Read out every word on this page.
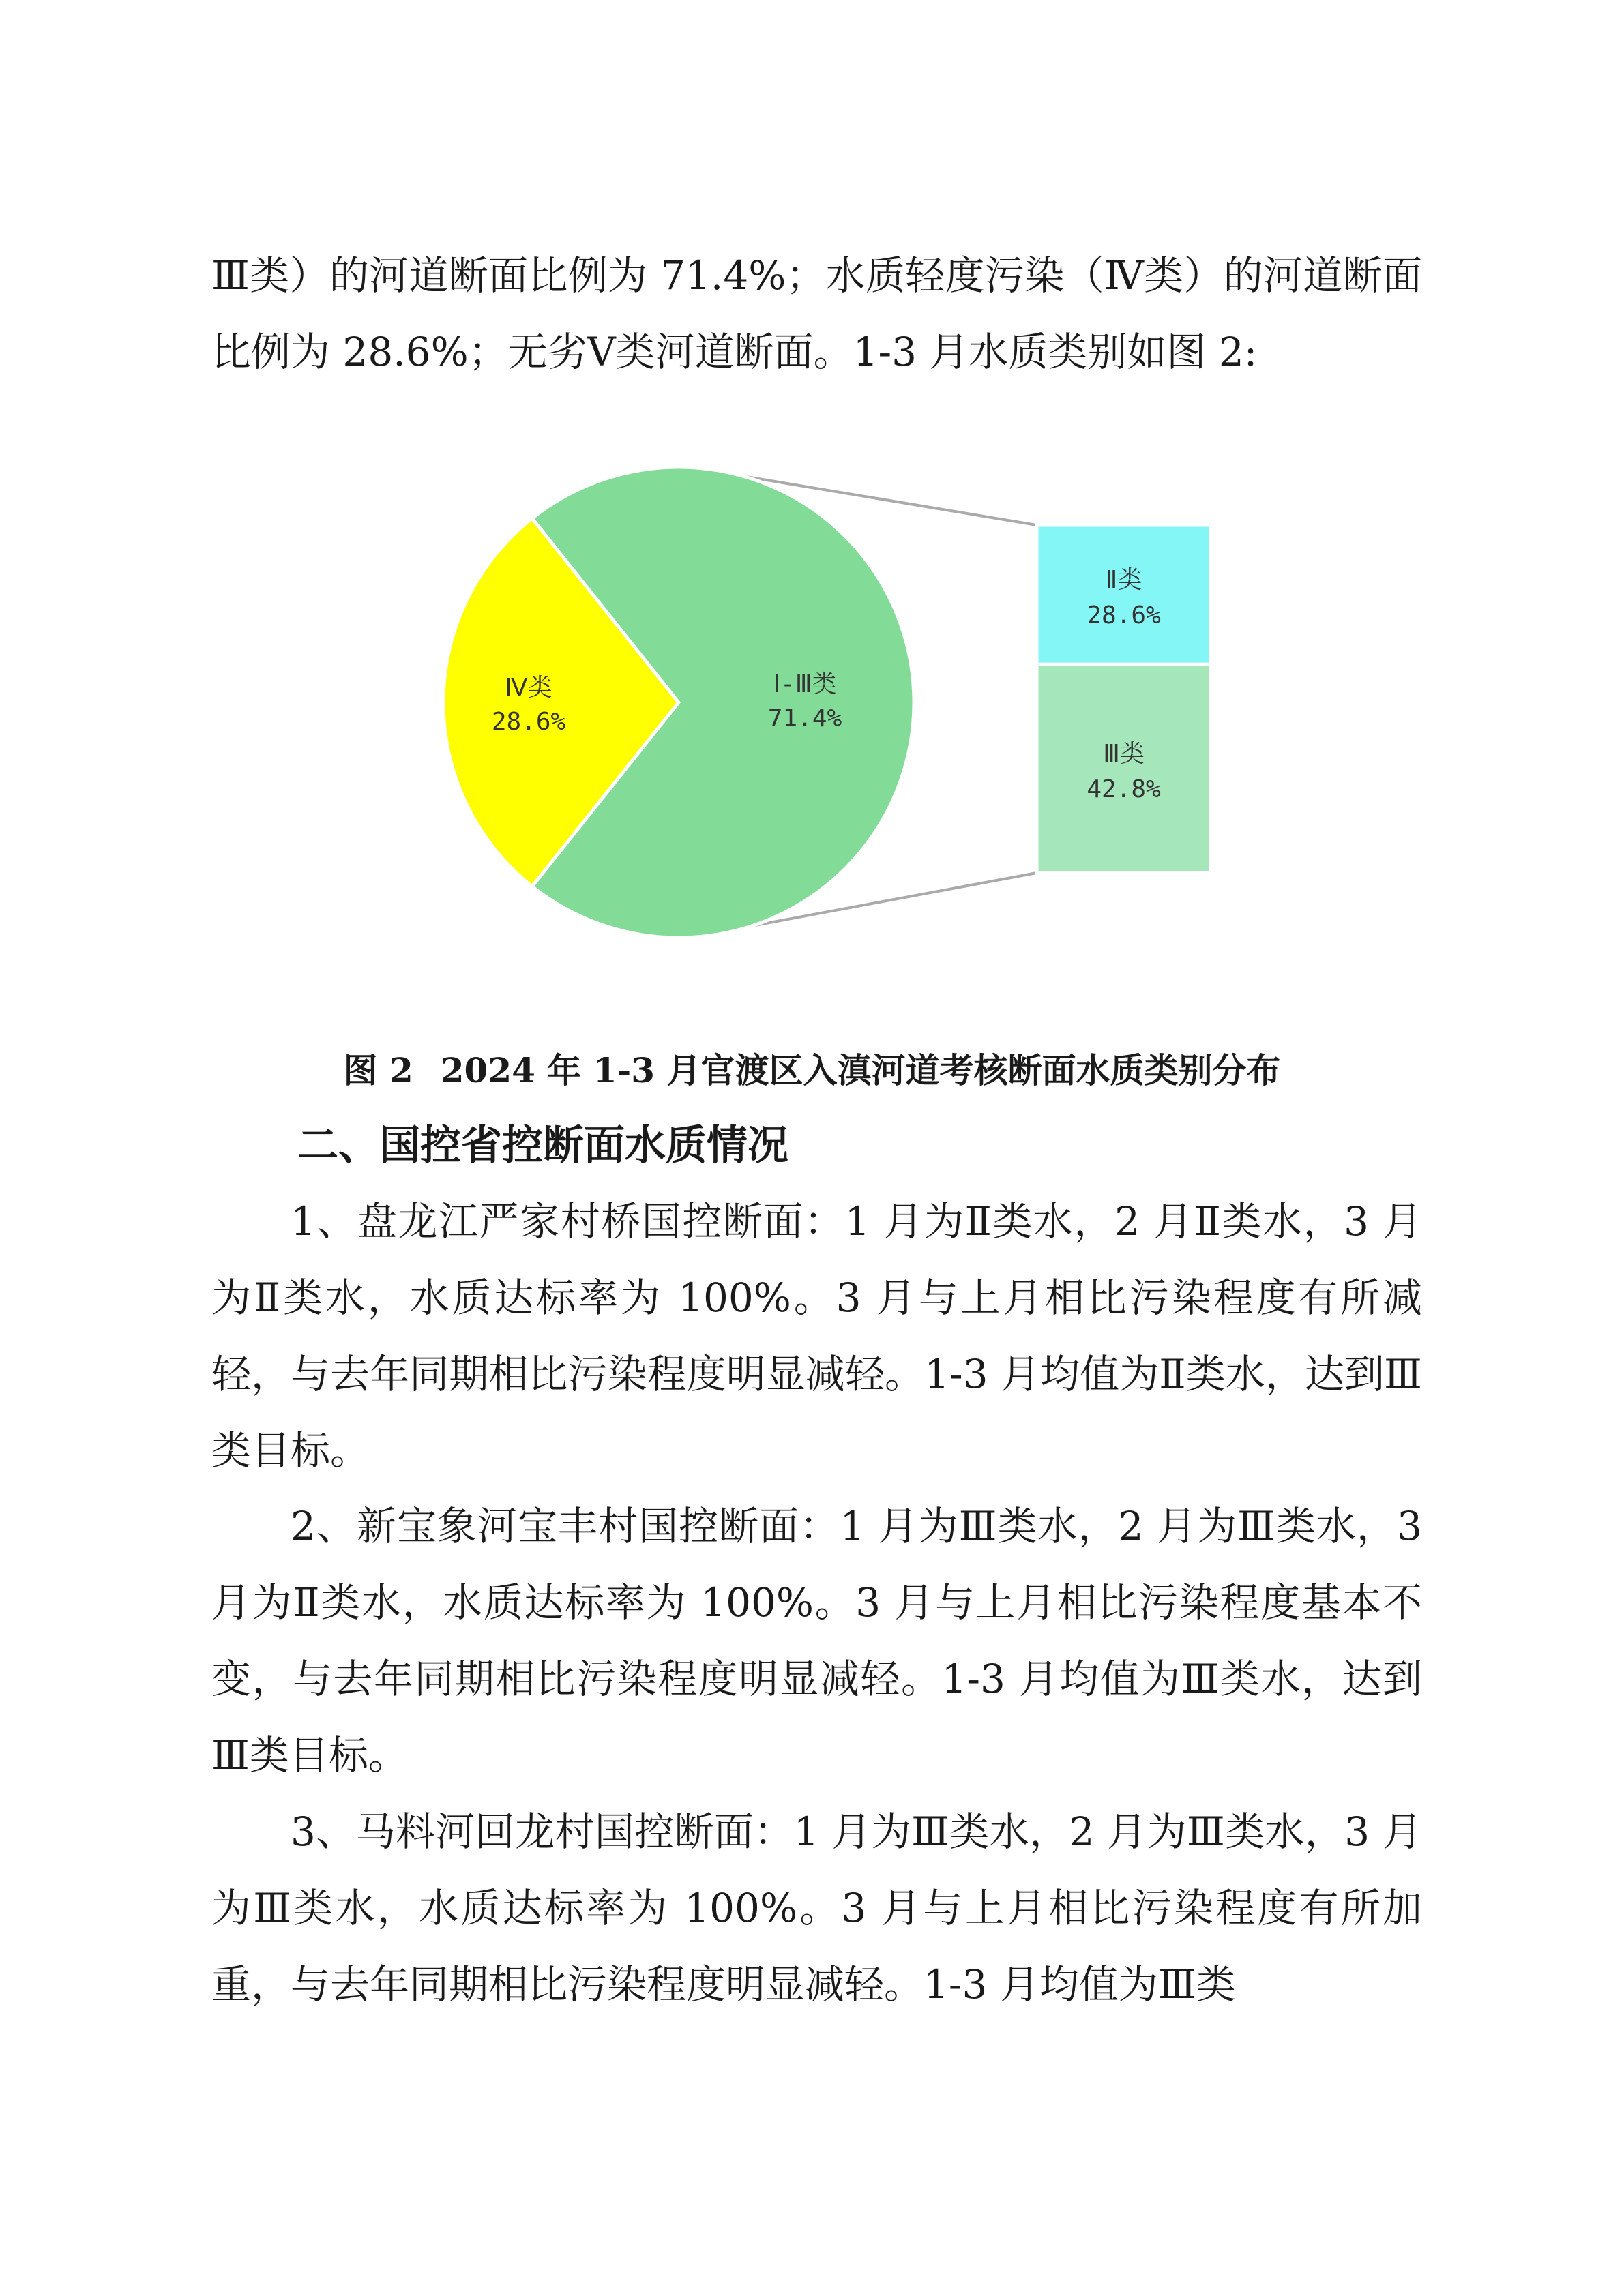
Ⅲ类）的河道断面比例为 71.4%；水质轻度污染（Ⅳ类）的河道断面比例为 28.6%；无劣Ⅴ类河道断面。1-3 月水质类别如图 2:

Ⅳ类
28.6%
Ⅰ-Ⅲ类
71.4%
Ⅱ类
28.6%
Ⅲ类
42.8%
图 2 2024 年 1-3 月官渡区入滇河道考核断面水质类别分布
二、国控省控断面水质情况

1、盘龙江严家村桥国控断面：1 月为Ⅱ类水，2 月Ⅱ类水，3 月为Ⅱ类水，水质达标率为 100%。3 月与上月相比污染程度有所减轻，与去年同期相比污染程度明显减轻。1-3 月均值为Ⅱ类水，达到Ⅲ类目标。

2、新宝象河宝丰村国控断面：1 月为Ⅲ类水，2 月为Ⅲ类水，3 月为Ⅱ类水，水质达标率为 100%。3 月与上月相比污染程度基本不变，与去年同期相比污染程度明显减轻。1-3 月均值为Ⅲ类水，达到Ⅲ类目标。

3、马料河回龙村国控断面：1 月为Ⅲ类水，2 月为Ⅲ类水，3 月为Ⅲ类水，水质达标率为 100%。3 月与上月相比污染程度有所加重，与去年同期相比污染程度明显减轻。1-3 月均值为Ⅲ类
